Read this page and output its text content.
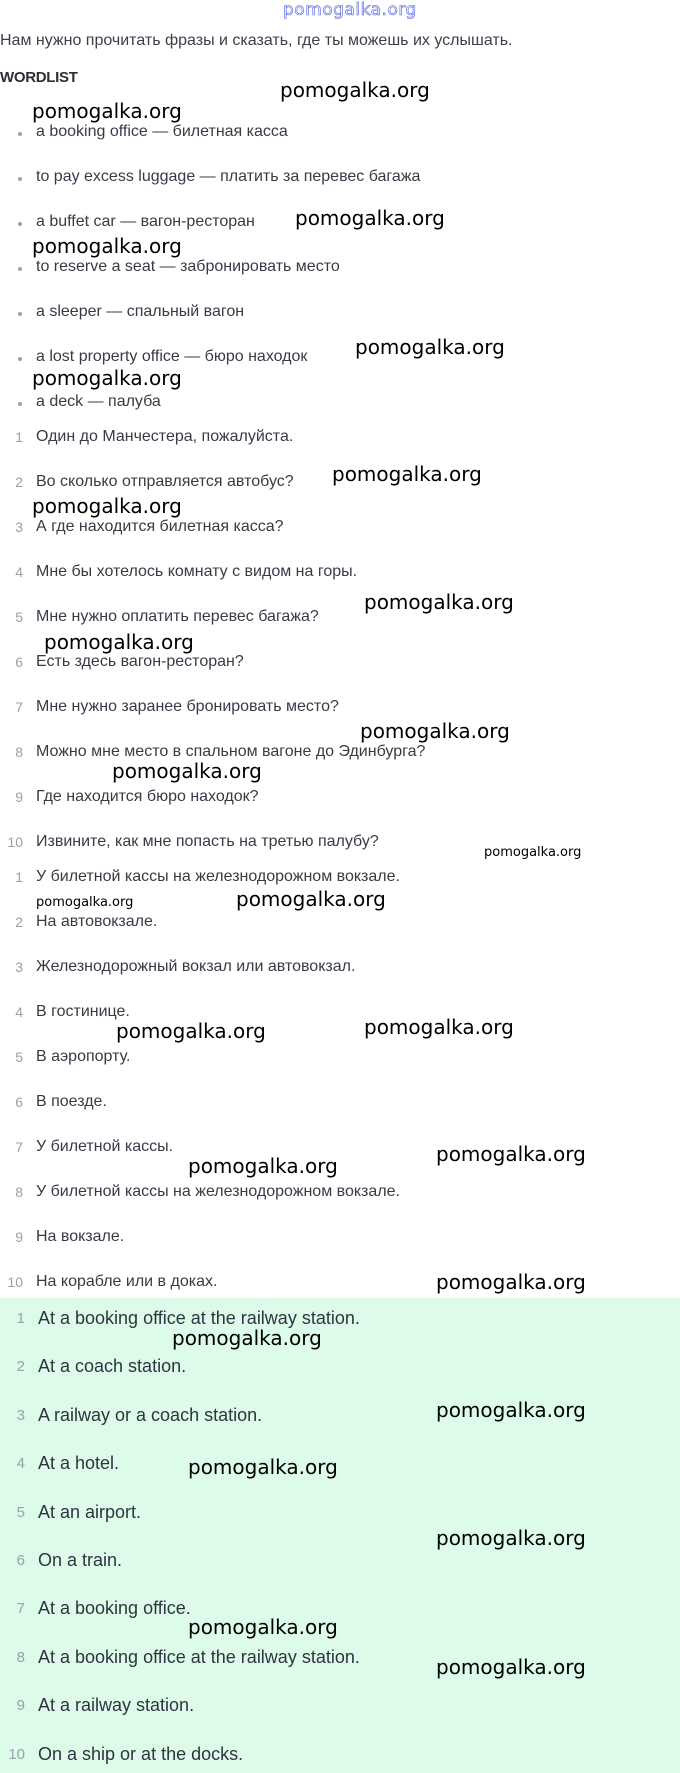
pomogalka.org
Нам нужно прочитать фразы и сказать, где ты можешь их услышать.
WORDLIST
a booking office — билетная касса
to pay excess luggage — платить за перевес багажа
a buffet car — вагон-ресторан
to reserve a seat — забронировать место
a sleeper — спальный вагон
a lost property office — бюро находок
a deck — палуба
1 Один до Манчестера, пожалуйста.
2 Во сколько отправляется автобус?
3 А где находится билетная касса?
4 Мне бы хотелось комнату с видом на горы.
5 Мне нужно оплатить перевес багажа?
6 Есть здесь вагон-ресторан?
7 Мне нужно заранее бронировать место?
8 Можно мне место в спальном вагоне до Эдинбурга?
9 Где находится бюро находок?
10 Извините, как мне попасть на третью палубу?
1 У билетной кассы на железнодорожном вокзале.
2 На автовокзале.
3 Железнодорожный вокзал или автовокзал.
4 В гостинице.
5 В аэропорту.
6 В поезде.
7 У билетной кассы.
8 У билетной кассы на железнодорожном вокзале.
9 На вокзале.
10 На корабле или в доках.
1 At a booking office at the railway station.
2 At a coach station.
3 A railway or a coach station.
4 At a hotel.
5 At an airport.
6 On a train.
7 At a booking office.
8 At a booking office at the railway station.
9 At a railway station.
10 On a ship or at the docks.
pomogalka.org
pomogalka.org
pomogalka.org
pomogalka.org
pomogalka.org
pomogalka.org
pomogalka.org
pomogalka.org
pomogalka.org
pomogalka.org
pomogalka.org
pomogalka.org
pomogalka.org
pomogalka.org
pomogalka.org
pomogalka.org
pomogalka.org
pomogalka.org
pomogalka.org
pomogalka.org
pomogalka.org
pomogalka.org
pomogalka.org
pomogalka.org
pomogalka.org
pomogalka.org
